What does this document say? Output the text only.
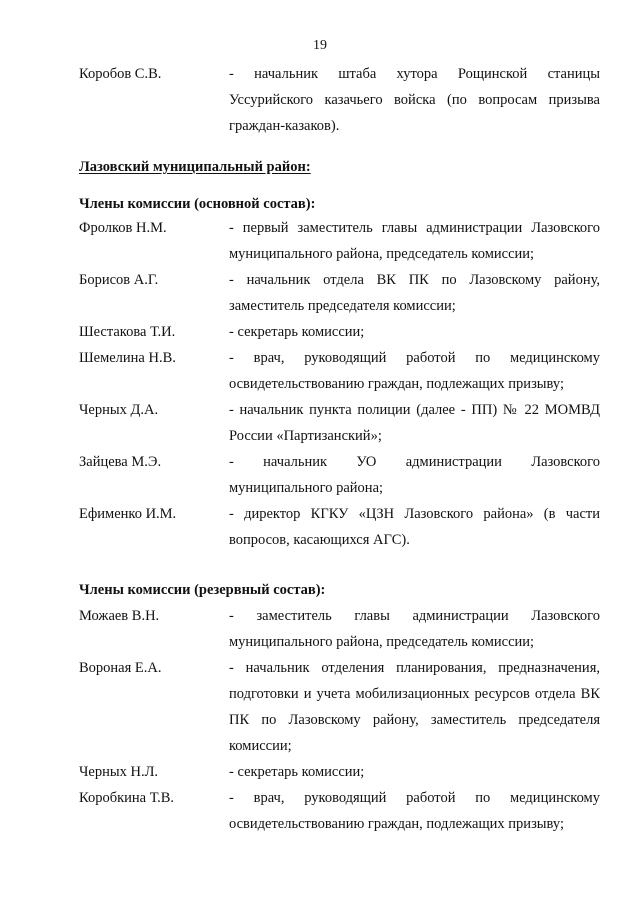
19
Коробов С.В.	- начальник штаба хутора Рощинской станицы Уссурийского казачьего войска (по вопросам призыва граждан-казаков).
Лазовский муниципальный район:
Члены комиссии (основной состав):
Фролков Н.М.	- первый заместитель главы администрации Лазовского муниципального района, председатель комиссии;
Борисов А.Г.	- начальник отдела ВК ПК по Лазовскому району, заместитель председателя комиссии;
Шестакова Т.И.	- секретарь комиссии;
Шемелина Н.В.	- врач, руководящий работой по медицинскому освидетельствованию граждан, подлежащих призыву;
Черных Д.А.	- начальник пункта полиции (далее - ПП) № 22 МОМВД России «Партизанский»;
Зайцева М.Э.	- начальник УО администрации Лазовского муниципального района;
Ефименко И.М.	- директор КГКУ «ЦЗН Лазовского района» (в части вопросов, касающихся АГС).
Члены комиссии (резервный состав):
Можаев В.Н.	- заместитель главы администрации Лазовского муниципального района, председатель комиссии;
Вороная Е.А.	- начальник отделения планирования, предназначения, подготовки и учета мобилизационных ресурсов отдела ВК ПК по Лазовскому району, заместитель председателя комиссии;
Черных Н.Л.	- секретарь комиссии;
Коробкина Т.В.	- врач, руководящий работой по медицинскому освидетельствованию граждан, подлежащих призыву;
